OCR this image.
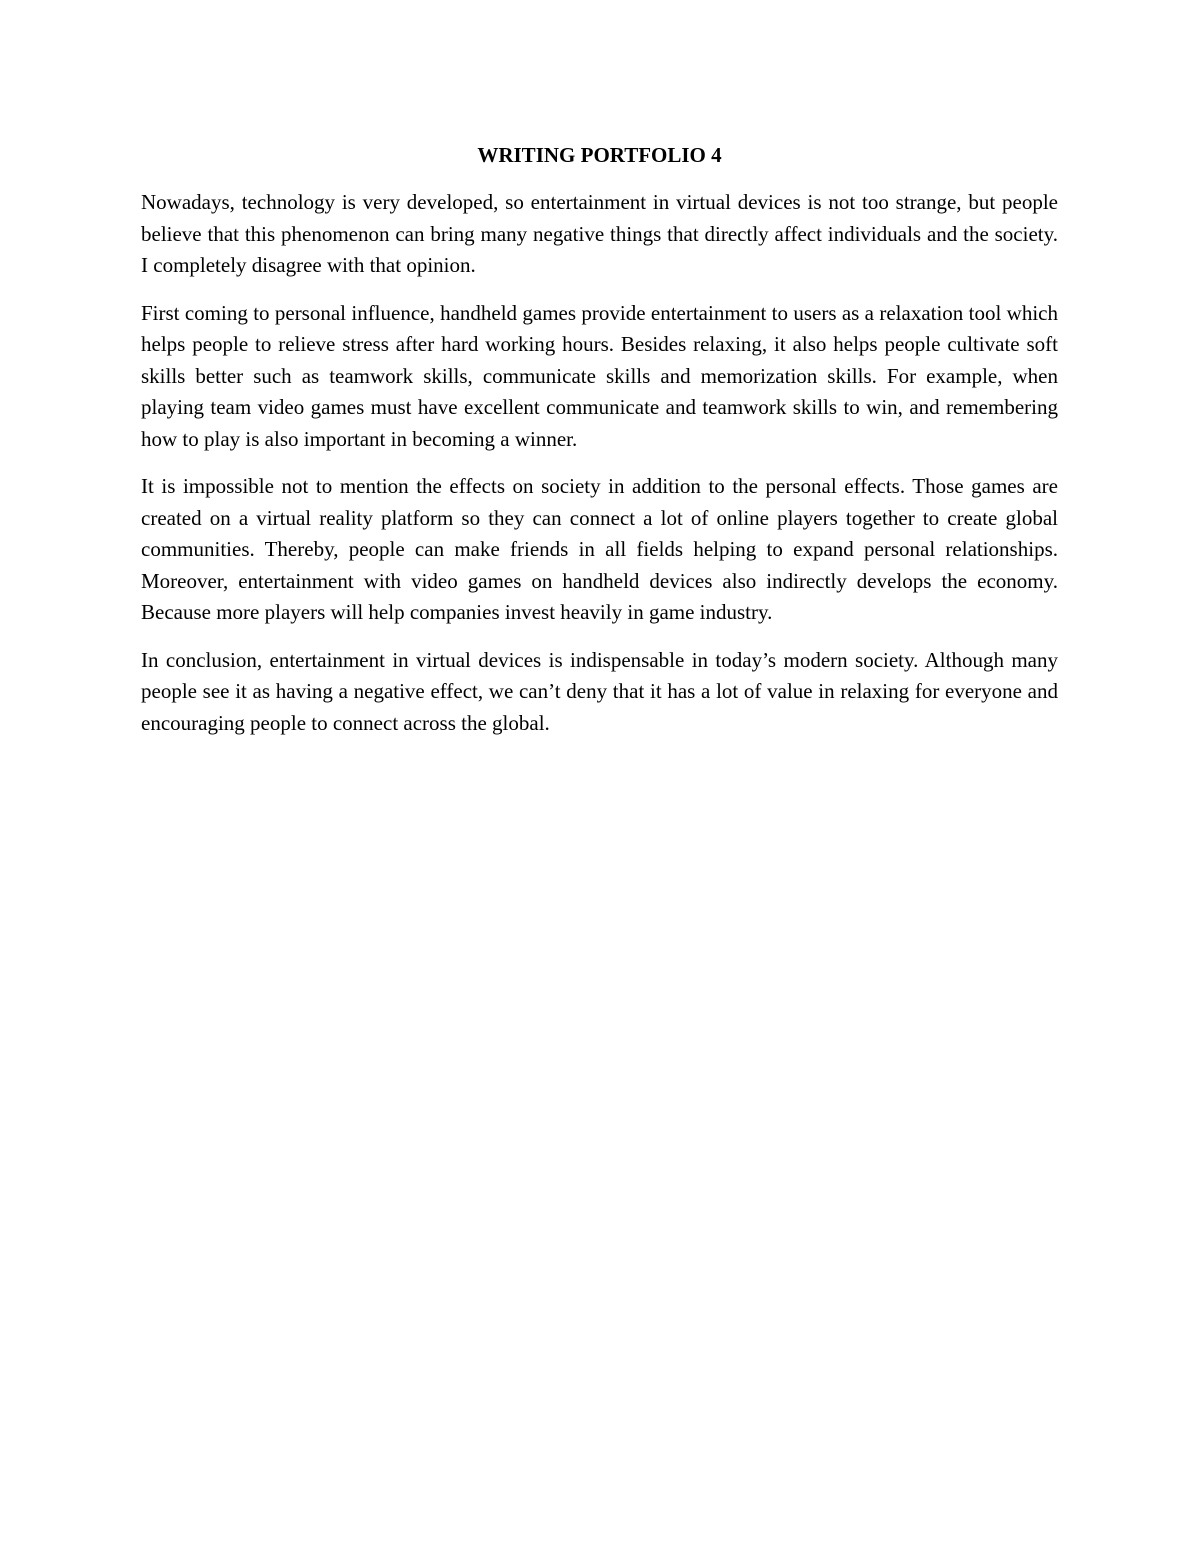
WRITING PORTFOLIO 4

Nowadays, technology is very developed, so entertainment in virtual devices is not too strange, but people believe that this phenomenon can bring many negative things that directly affect individuals and the society. I completely disagree with that opinion.

First coming to personal influence, handheld games provide entertainment to users as a relaxation tool which helps people to relieve stress after hard working hours. Besides relaxing, it also helps people cultivate soft skills better such as teamwork skills, communicate skills and memorization skills. For example, when playing team video games must have excellent communicate and teamwork skills to win, and remembering how to play is also important in becoming a winner.

It is impossible not to mention the effects on society in addition to the personal effects. Those games are created on a virtual reality platform so they can connect a lot of online players together to create global communities. Thereby, people can make friends in all fields helping to expand personal relationships. Moreover, entertainment with video games on handheld devices also indirectly develops the economy. Because more players will help companies invest heavily in game industry.

In conclusion, entertainment in virtual devices is indispensable in today’s modern society. Although many people see it as having a negative effect, we can’t deny that it has a lot of value in relaxing for everyone and encouraging people to connect across the global.
